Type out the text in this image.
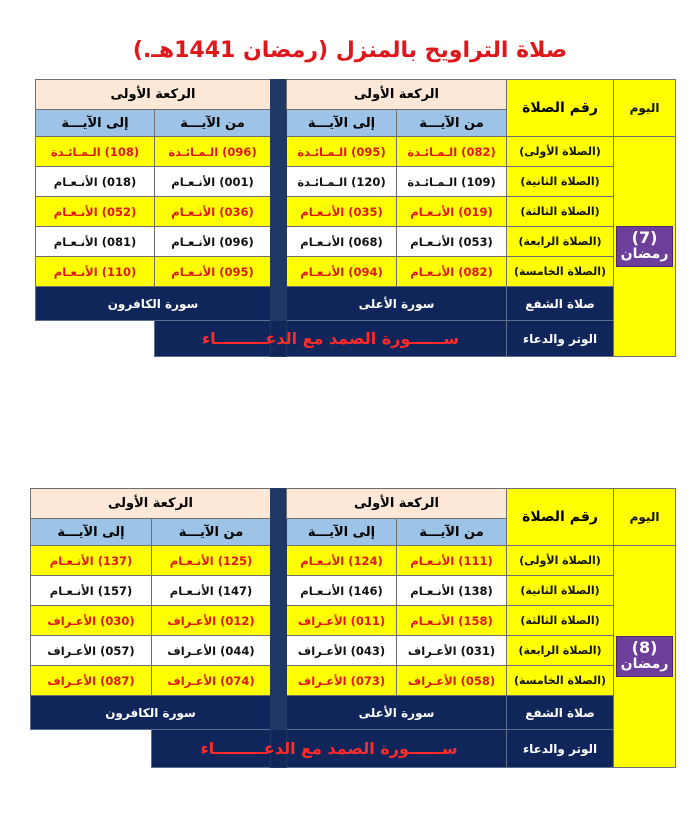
صلاة التراويح بالمنزل (رمضان 1441هـ.)
اليوم	رقم الصلاة	الركعة الأولى			الركعة الأولى	
		من الآيـــة	إلى الآيـــة		من الآيـــة	إلى الآيـــة

(7)
رمضان	(الصلاة الأولى)	(082) الـمـائـدة	(095) الـمـائـدة		(096) الـمـائـدة	(108) الـمـائـدة
	(الصلاة الثانية)	(109) الـمـائـدة	(120) الـمـائـدة		(001) الأنـعـام	(018) الأنـعـام
	(الصلاة الثالثة)	(019) الأنـعـام	(035) الأنـعـام		(036) الأنـعـام	(052) الأنـعـام
	(الصلاة الرابعة)	(053) الأنـعـام	(068) الأنـعـام		(096) الأنـعـام	(081) الأنـعـام
	(الصلاة الخامسة)	(082) الأنـعـام	(094) الأنـعـام		(095) الأنـعـام	(110) الأنـعـام
	صلاة الشفع	سورة الأعلى			سورة الكافرون	
	الوتر والدعاء	ســــــورة الصمد مع الدعـــــــــاء				
اليوم	رقم الصلاة	الركعة الأولى			الركعة الأولى	
		من الآيـــة	إلى الآيـــة		من الآيـــة	إلى الآيـــة

(8)
رمضان	(الصلاة الأولى)	(111) الأنـعـام	(124) الأنـعـام		(125) الأنـعـام	(137) الأنـعـام
	(الصلاة الثانية)	(138) الأنـعـام	(146) الأنـعـام		(147) الأنـعـام	(157) الأنـعـام
	(الصلاة الثالثة)	(158) الأنـعـام	(011) الأعـراف		(012) الأعـراف	(030) الأعـراف
	(الصلاة الرابعة)	(031) الأعـراف	(043) الأعـراف		(044) الأعـراف	(057) الأعـراف
	(الصلاة الخامسة)	(058) الأعـراف	(073) الأعـراف		(074) الأعـراف	(087) الأعـراف
	صلاة الشفع	سورة الأعلى			سورة الكافرون	
	الوتر والدعاء	ســــــورة الصمد مع الدعـــــــــاء				
